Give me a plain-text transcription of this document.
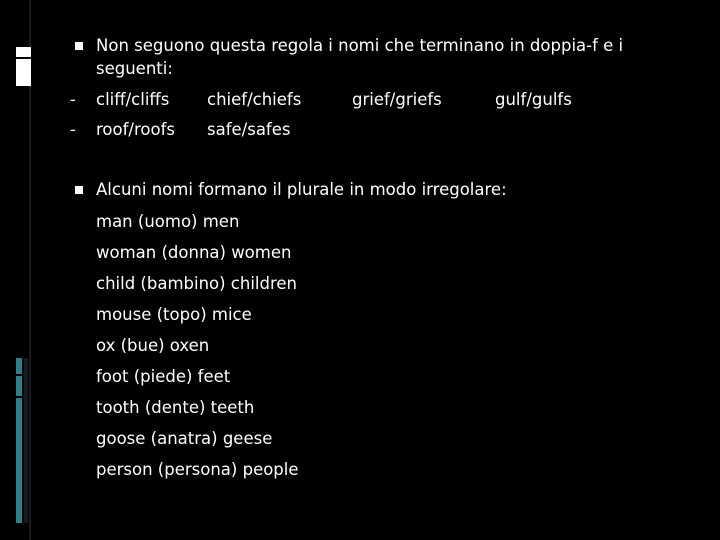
Non seguono questa regola i nomi che terminano in doppia-f e i
seguenti:
- cliff/cliffs chief/chiefs	grief/griefs	gulf/gulfs
- roof/roofs safe/safes
Alcuni nomi formano il plurale in modo irregolare:
man (uomo) men
woman (donna) women
child (bambino) children
mouse (topo) mice
ox (bue) oxen
foot (piede) feet
tooth (dente) teeth
goose (anatra) geese
person (persona) people
